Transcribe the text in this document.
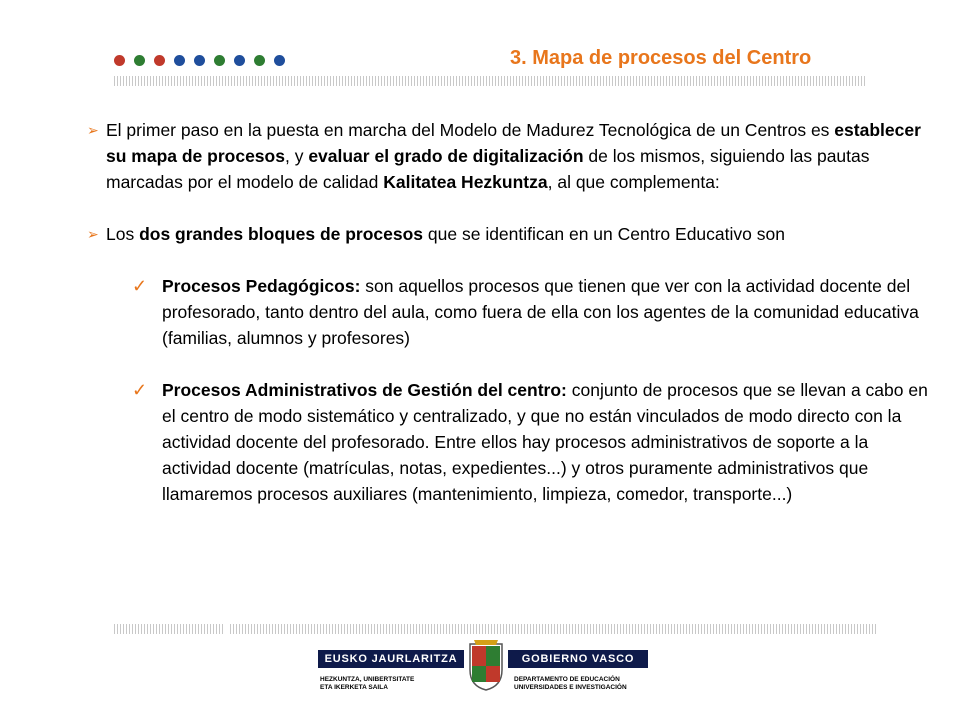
3. Mapa de procesos del Centro

➢ El primer paso en la puesta en marcha del Modelo de Madurez Tecnológica de un Centros es establecer su mapa de procesos, y evaluar el grado de digitalización de los mismos, siguiendo las pautas marcadas por el modelo de calidad Kalitatea Hezkuntza, al que complementa:

➢ Los dos grandes bloques de procesos que se identifican en un Centro Educativo son

✓ Procesos Pedagógicos: son aquellos procesos que tienen que ver con la actividad docente del profesorado, tanto dentro del aula, como fuera de ella con los agentes de la comunidad educativa (familias, alumnos y profesores)

✓ Procesos Administrativos de Gestión del centro: conjunto de procesos que se llevan a cabo en el centro de modo sistemático y centralizado, y que no están vinculados de modo directo con la actividad docente del profesorado. Entre ellos hay procesos administrativos de soporte a la actividad docente (matrículas, notas, expedientes...) y otros puramente administrativos que llamaremos procesos auxiliares (mantenimiento, limpieza, comedor, transporte...)

EUSKO JAURLARITZA	GOBIERNO VASCO
HEZKUNTZA, UNIBERTSITATE
ETA IKERKETA SAILA
DEPARTAMENTO DE EDUCACIÓN
UNIVERSIDADES E INVESTIGACIÓN
